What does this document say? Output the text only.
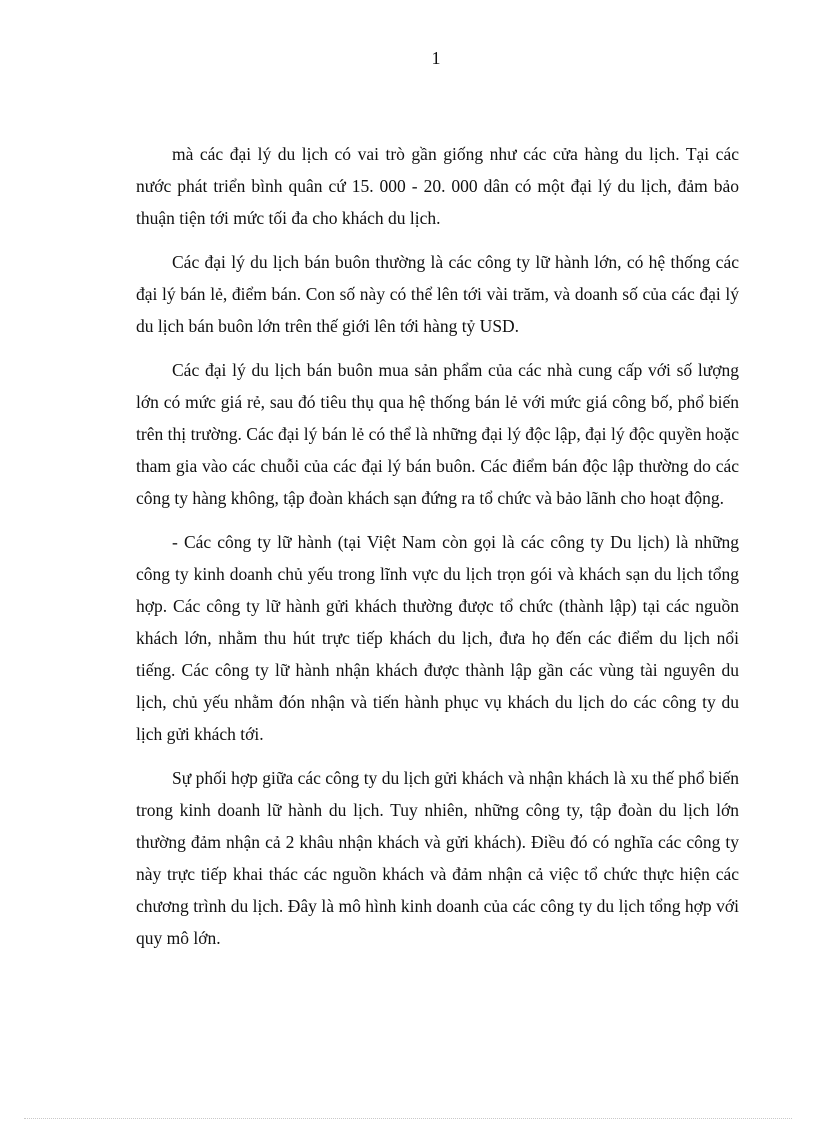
1

mà các đại lý du lịch có vai trò gần giống như các cửa hàng du lịch. Tại các nước phát triển bình quân cứ 15. 000 - 20. 000 dân có một đại lý du lịch, đảm bảo thuận tiện tới mức tối đa cho khách du lịch.

Các đại lý du lịch bán buôn thường là các công ty lữ hành lớn, có hệ thống các đại lý bán lẻ, điểm bán. Con số này có thể lên tới vài trăm, và doanh số của các đại lý du lịch bán buôn lớn trên thế giới lên tới hàng tỷ USD.

Các đại lý du lịch bán buôn mua sản phẩm của các nhà cung cấp với số lượng lớn có mức giá rẻ, sau đó tiêu thụ qua hệ thống bán lẻ với mức giá công bố, phổ biến trên thị trường. Các đại lý bán lẻ có thể là những đại lý độc lập, đại lý độc quyền hoặc tham gia vào các chuỗi của các đại lý bán buôn. Các điểm bán độc lập thường do các công ty hàng không, tập đoàn khách sạn đứng ra tổ chức và bảo lãnh cho hoạt động.

- Các công ty lữ hành (tại Việt Nam còn gọi là các công ty Du lịch) là những công ty kinh doanh chủ yếu trong lĩnh vực du lịch trọn gói và khách sạn du lịch tổng hợp. Các công ty lữ hành gửi khách thường được tổ chức (thành lập) tại các nguồn khách lớn, nhằm thu hút trực tiếp khách du lịch, đưa họ đến các điểm du lịch nổi tiếng. Các công ty lữ hành nhận khách được thành lập gần các vùng tài nguyên du lịch, chủ yếu nhằm đón nhận và tiến hành phục vụ khách du lịch do các công ty du lịch gửi khách tới.

Sự phối hợp giữa các công ty du lịch gửi khách và nhận khách là xu thế phổ biến trong kinh doanh lữ hành du lịch. Tuy nhiên, những công ty, tập đoàn du lịch lớn thường đảm nhận cả 2 khâu nhận khách và gửi khách). Điều đó có nghĩa các công ty này trực tiếp khai thác các nguồn khách và đảm nhận cả việc tổ chức thực hiện các chương trình du lịch. Đây là mô hình kinh doanh của các công ty du lịch tổng hợp với quy mô lớn.
